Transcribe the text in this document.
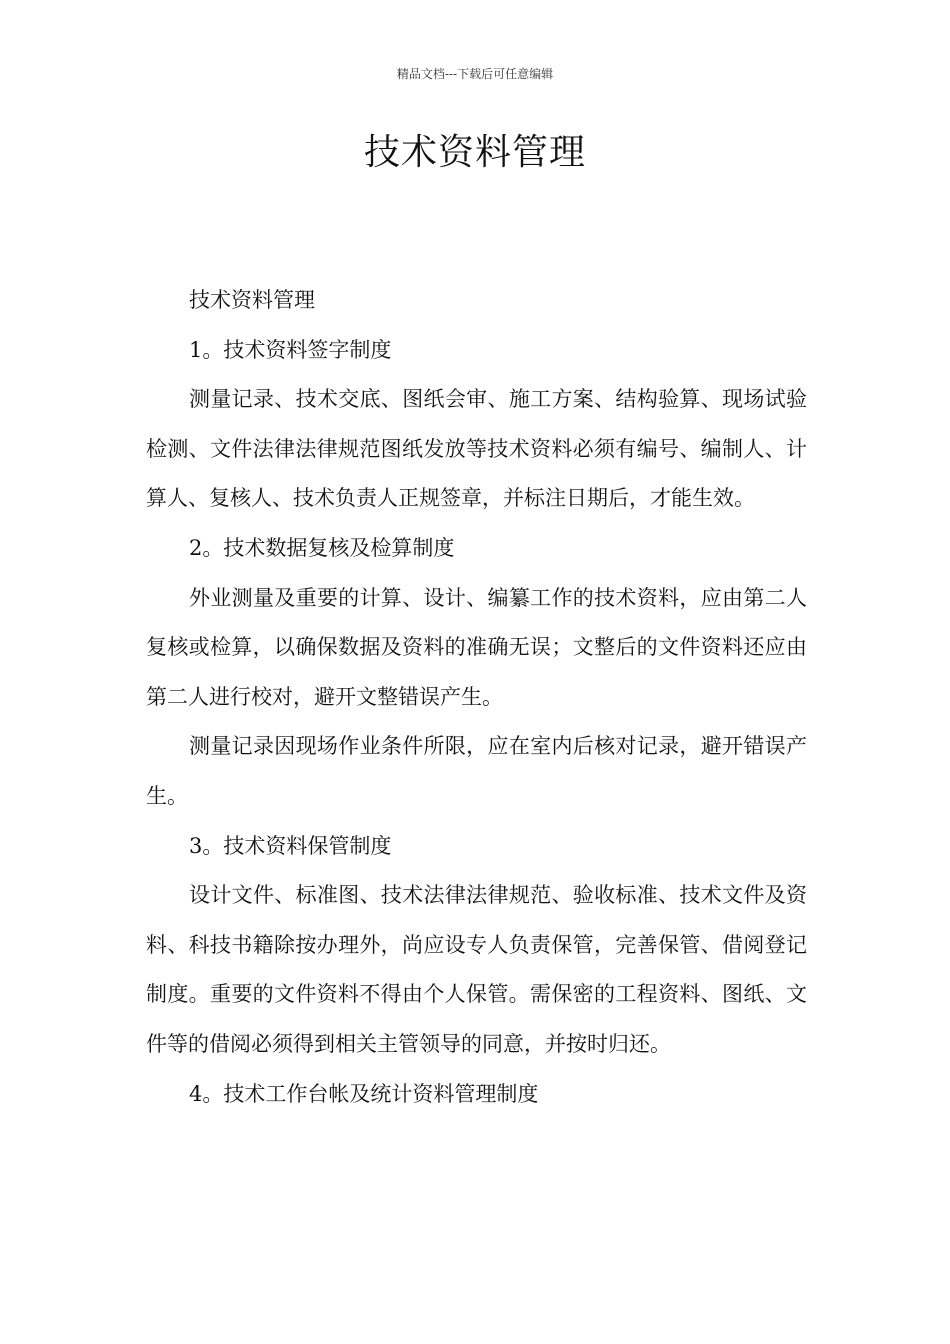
精品文档---下载后可任意编辑
技术资料管理

技术资料管理

1。技术资料签字制度

测量记录、技术交底、图纸会审、施工方案、结构验算、现场试验检测、文件法律法律规范图纸发放等技术资料必须有编号、编制人、计算人、复核人、技术负责人正规签章，并标注日期后，才能生效。

2。技术数据复核及检算制度

外业测量及重要的计算、设计、编纂工作的技术资料，应由第二人复核或检算，以确保数据及资料的准确无误；文整后的文件资料还应由第二人进行校对，避开文整错误产生。

测量记录因现场作业条件所限，应在室内后核对记录，避开错误产生。

3。技术资料保管制度

设计文件、标准图、技术法律法律规范、验收标准、技术文件及资料、科技书籍除按办理外，尚应设专人负责保管，完善保管、借阅登记制度。重要的文件资料不得由个人保管。需保密的工程资料、图纸、文件等的借阅必须得到相关主管领导的同意，并按时归还。

4。技术工作台帐及统计资料管理制度
